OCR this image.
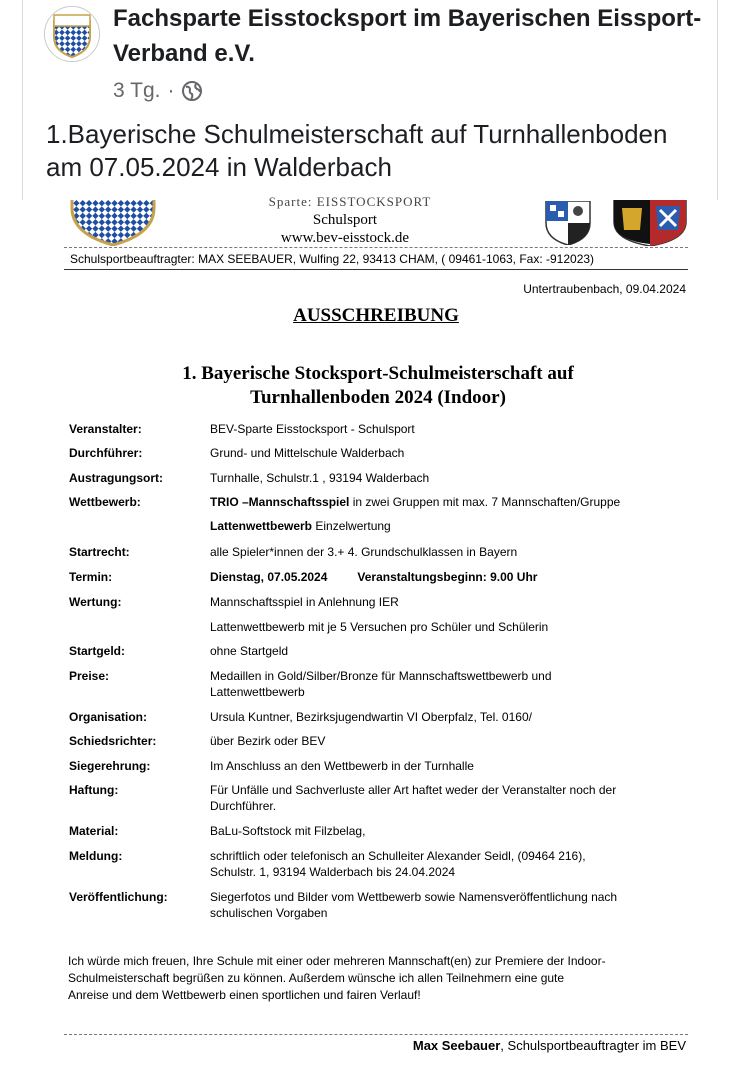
Fachsparte Eisstocksport im Bayerischen Eissport-Verband e.V.
3 Tg. ·
1.Bayerische Schulmeisterschaft auf Turnhallenboden am 07.05.2024 in Walderbach
Sparte: EISSTOCKSPORT
Schulsport
www.bev-eisstock.de
Schulsportbeauftragter: MAX SEEBAUER, Wulfing 22, 93413 CHAM, ( 09461-1063, Fax: -912023)
Untertraubenbach, 09.04.2024
AUSSCHREIBUNG
1. Bayerische Stocksport-Schulmeisterschaft auf
Turnhallenboden 2024 (Indoor)
Veranstalter:	BEV-Sparte Eisstocksport - Schulsport
Durchführer:	Grund- und Mittelschule Walderbach
Austragungsort:	Turnhalle, Schulstr.1 , 93194 Walderbach
Wettbewerb:	TRIO –Mannschaftsspiel in zwei Gruppen mit max. 7 Mannschaften/Gruppe
Lattenwettbewerb Einzelwertung
Startrecht:	alle Spieler*innen der 3.+ 4. Grundschulklassen in Bayern
Termin:	Dienstag, 07.05.2024	Veranstaltungsbeginn: 9.00 Uhr
Wertung:	Mannschaftsspiel in Anlehnung IER
Lattenwettbewerb mit je 5 Versuchen pro Schüler und Schülerin
Startgeld:	ohne Startgeld
Preise:	Medaillen in Gold/Silber/Bronze für Mannschaftswettbewerb und
Lattenwettbewerb
Organisation:	Ursula Kuntner, Bezirksjugendwartin VI Oberpfalz, Tel. 0160/
Schiedsrichter:	über Bezirk oder BEV
Siegerehrung:	Im Anschluss an den Wettbewerb in der Turnhalle
Haftung:	Für Unfälle und Sachverluste aller Art haftet weder der Veranstalter noch der
Durchführer.
Material:	BaLu-Softstock mit Filzbelag,
Meldung:	schriftlich oder telefonisch an Schulleiter Alexander Seidl, (09464 216),
Schulstr. 1, 93194 Walderbach bis 24.04.2024
Veröffentlichung:	Siegerfotos und Bilder vom Wettbewerb sowie Namensveröffentlichung nach
schulischen Vorgaben
Ich würde mich freuen, Ihre Schule mit einer oder mehreren Mannschaft(en) zur Premiere der Indoor-
Schulmeisterschaft begrüßen zu können. Außerdem wünsche ich allen Teilnehmern eine gute
Anreise und dem Wettbewerb einen sportlichen und fairen Verlauf!
Max Seebauer, Schulsportbeauftragter im BEV
